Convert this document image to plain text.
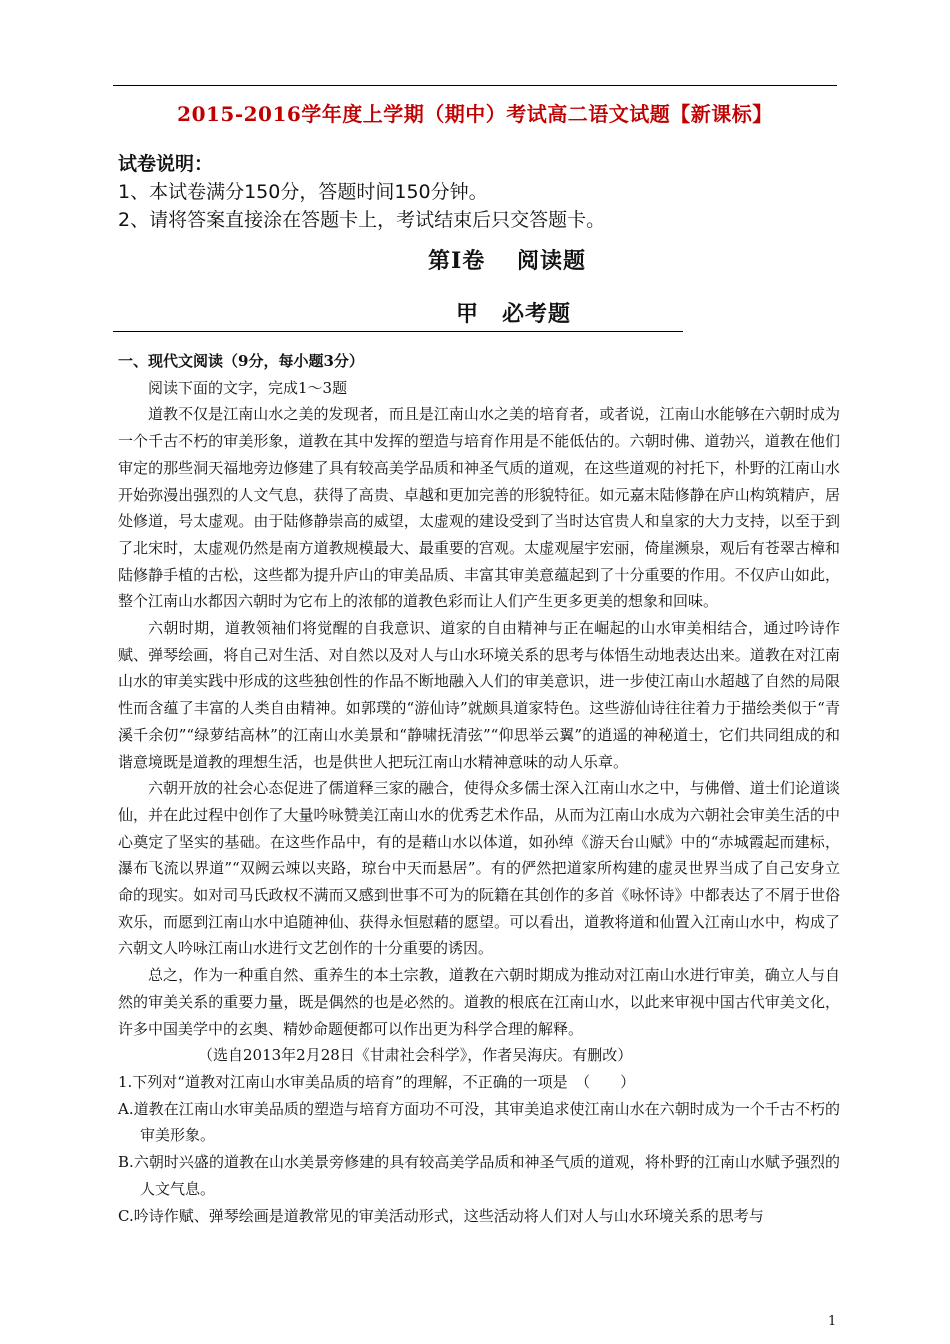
2015-2016学年度上学期（期中）考试高二语文试题【新课标】
试卷说明：
1、本试卷满分150分，答题时间150分钟。
2、请将答案直接涂在答题卡上，考试结束后只交答题卡。
第Ⅰ卷　 阅读题
甲　必考题

一、现代文阅读（9分，每小题3分）

阅读下面的文字，完成1～3题

道教不仅是江南山水之美的发现者，而且是江南山水之美的培育者，或者说，江南山水能够在六朝时成为一个千古不朽的审美形象，道教在其中发挥的塑造与培育作用是不能低估的。六朝时佛、道勃兴，道教在他们审定的那些洞天福地旁边修建了具有较高美学品质和神圣气质的道观，在这些道观的衬托下，朴野的江南山水开始弥漫出强烈的人文气息，获得了高贵、卓越和更加完善的形貌特征。如元嘉末陆修静在庐山构筑精庐，居处修道，号太虚观。由于陆修静崇高的威望，太虚观的建设受到了当时达官贵人和皇家的大力支持，以至于到了北宋时，太虚观仍然是南方道教规模最大、最重要的宫观。太虚观屋宇宏丽，倚崖濒泉，观后有苍翠古樟和陆修静手植的古松，这些都为提升庐山的审美品质、丰富其审美意蕴起到了十分重要的作用。不仅庐山如此，整个江南山水都因六朝时为它布上的浓郁的道教色彩而让人们产生更多更美的想象和回味。

六朝时期，道教领袖们将觉醒的自我意识、道家的自由精神与正在崛起的山水审美相结合，通过吟诗作赋、弹琴绘画，将自己对生活、对自然以及对人与山水环境关系的思考与体悟生动地表达出来。道教在对江南山水的审美实践中形成的这些独创性的作品不断地融入人们的审美意识，进一步使江南山水超越了自然的局限性而含蕴了丰富的人类自由精神。如郭璞的“游仙诗”就颇具道家特色。这些游仙诗往往着力于描绘类似于“青溪千余仞”“绿萝结高林”的江南山水美景和“静啸抚清弦”“仰思举云翼”的逍遥的神秘道士，它们共同组成的和谐意境既是道教的理想生活，也是供世人把玩江南山水精神意味的动人乐章。

六朝开放的社会心态促进了儒道释三家的融合，使得众多儒士深入江南山水之中，与佛僧、道士们论道谈仙，并在此过程中创作了大量吟咏赞美江南山水的优秀艺术作品，从而为江南山水成为六朝社会审美生活的中心奠定了坚实的基础。在这些作品中，有的是藉山水以体道，如孙绰《游天台山赋》中的“赤城霞起而建标，瀑布飞流以界道”“双阙云竦以夹路，琼台中天而悬居”。有的俨然把道家所构建的虚灵世界当成了自己安身立命的现实。如对司马氏政权不满而又感到世事不可为的阮籍在其创作的多首《咏怀诗》中都表达了不屑于世俗欢乐，而愿到江南山水中追随神仙、获得永恒慰藉的愿望。可以看出，道教将道和仙置入江南山水中，构成了六朝文人吟咏江南山水进行文艺创作的十分重要的诱因。

总之，作为一种重自然、重养生的本土宗教，道教在六朝时期成为推动对江南山水进行审美，确立人与自然的审美关系的重要力量，既是偶然的也是必然的。道教的根底在江南山水，以此来审视中国古代审美文化，许多中国美学中的玄奥、精妙命题便都可以作出更为科学合理的解释。

（选自2013年2月28日《甘肃社会科学》，作者吴海庆。有删改）

1.下列对“道教对江南山水审美品质的培育”的理解，不正确的一项是　（　　）

A.道教在江南山水审美品质的塑造与培育方面功不可没，其审美追求使江南山水在六朝时成为一个千古不朽的审美形象。

B.六朝时兴盛的道教在山水美景旁修建的具有较高美学品质和神圣气质的道观，将朴野的江南山水赋予强烈的人文气息。

C.吟诗作赋、弹琴绘画是道教常见的审美活动形式，这些活动将人们对人与山水环境关系的思考与

1
